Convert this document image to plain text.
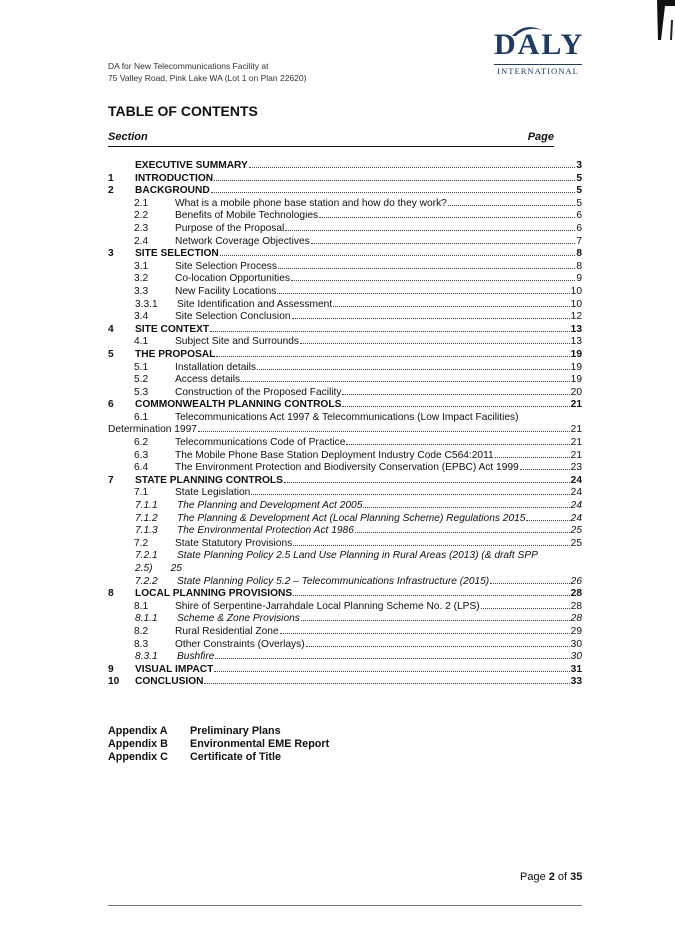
DA for New Telecommunications Facility at
75 Valley Road, Pink Lake WA (Lot 1 on Plan 22620)
DALY
INTERNATIONAL
TABLE OF CONTENTS
Section	Page
EXECUTIVE SUMMARY	3
1	INTRODUCTION	5
2	BACKGROUND	5
2.1	What is a mobile phone base station and how do they work?	5
2.2	Benefits of Mobile Technologies	6
2.3	Purpose of the Proposal	6
2.4	Network Coverage Objectives	7
3	SITE SELECTION	8
3.1	Site Selection Process	8
3.2	Co-location Opportunities	9
3.3	New Facility Locations	10
3.3.1	Site Identification and Assessment	10
3.4	Site Selection Conclusion	12
4	SITE CONTEXT	13
4.1	Subject Site and Surrounds	13
5	THE PROPOSAL	19
5.1	Installation details	19
5.2	Access details	19
5.3	Construction of the Proposed Facility	20
6	COMMONWEALTH PLANNING CONTROLS	21
6.1	Telecommunications Act 1997 & Telecommunications (Low Impact Facilities)
Determination 1997	21
6.2	Telecommunications Code of Practice	21
6.3	The Mobile Phone Base Station Deployment Industry Code C564:2011	21
6.4	The Environment Protection and Biodiversity Conservation (EPBC) Act 1999	23
7	STATE PLANNING CONTROLS	24
7.1	State Legislation	24
7.1.1	The Planning and Development Act 2005	24
7.1.2	The Planning & Development Act (Local Planning Scheme) Regulations 2015	24
7.1.3	The Environmental Protection Act 1986	25
7.2	State Statutory Provisions	25
7.2.1	State Planning Policy 2.5 Land Use Planning in Rural Areas (2013) (& draft SPP
2.5) 25
7.2.2	State Planning Policy 5.2 – Telecommunications Infrastructure (2015)	26
8	LOCAL PLANNING PROVISIONS	28
8.1	Shire of Serpentine-Jarrahdale Local Planning Scheme No. 2 (LPS)	28
8.1.1	Scheme & Zone Provisions	28
8.2	Rural Residential Zone	29
8.3	Other Constraints (Overlays)	30
8.3.1	Bushfire	30
9	VISUAL IMPACT	31
10	CONCLUSION	33
Appendix A Preliminary Plans
Appendix B Environmental EME Report
Appendix C Certificate of Title
Page 2 of 35
